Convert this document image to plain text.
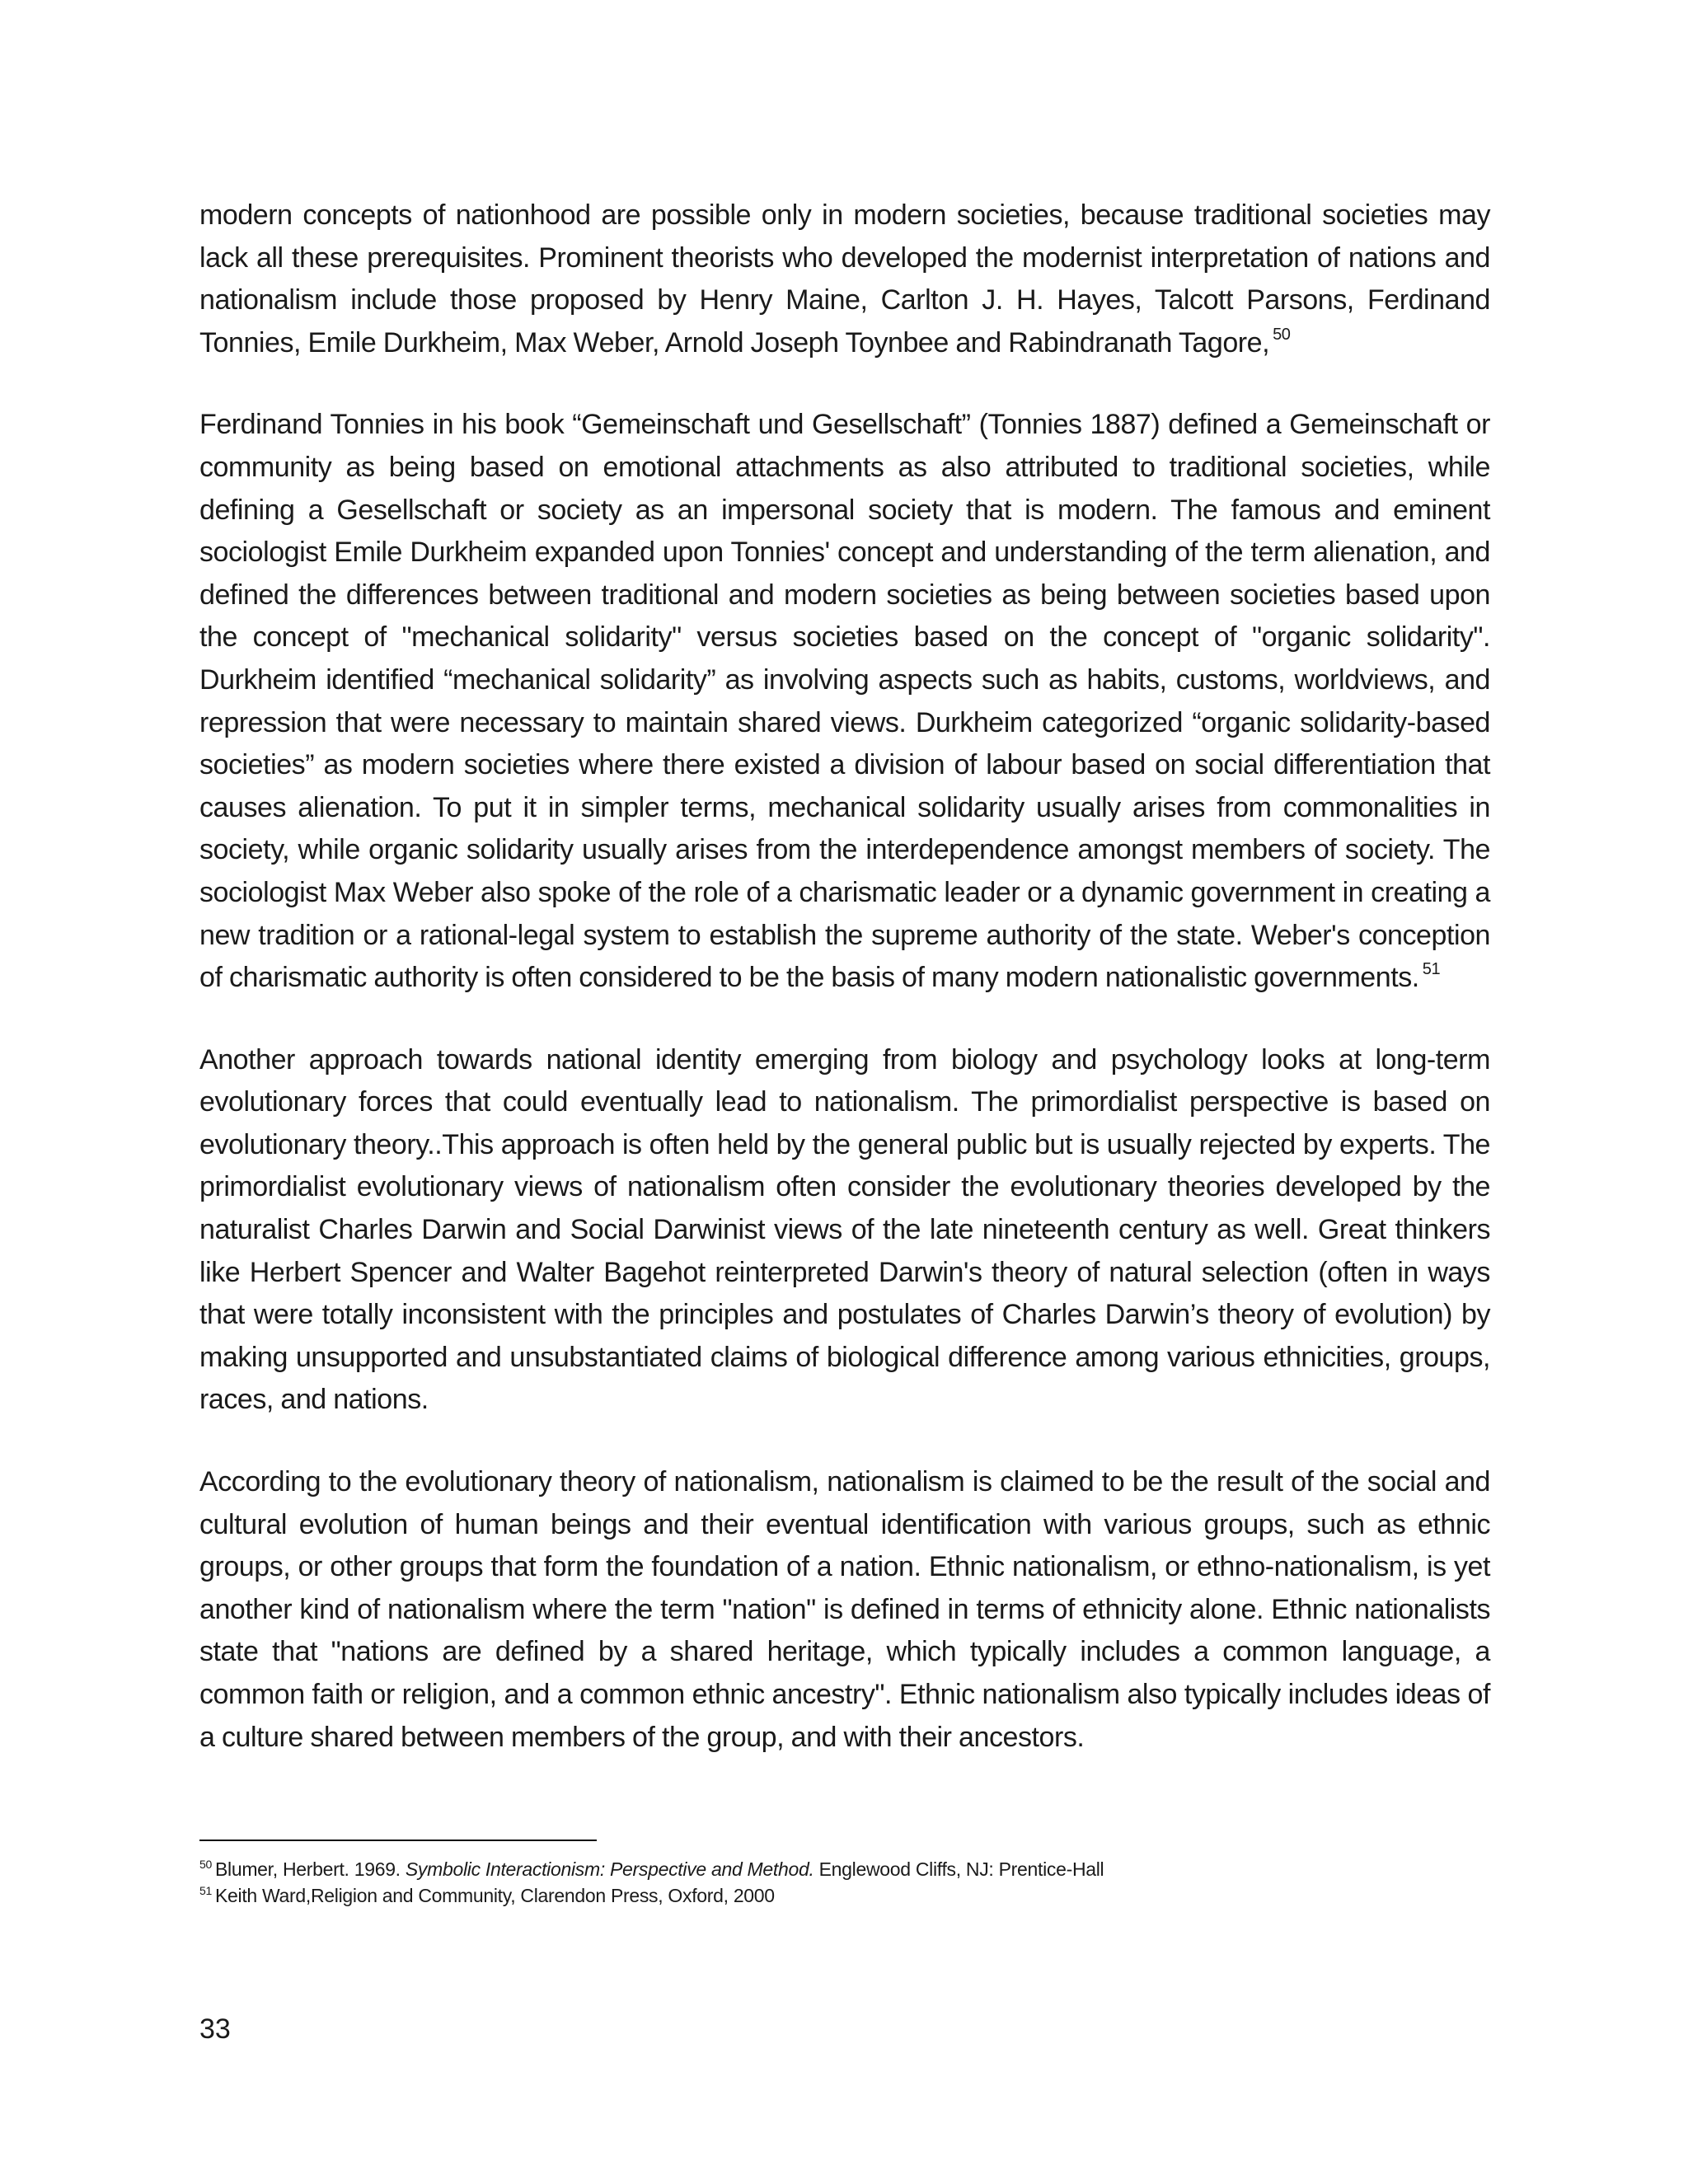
modern concepts of nationhood are possible only in modern societies, because traditional societies may lack all these prerequisites. Prominent theorists who developed the modernist interpretation of nations and nationalism include those proposed by Henry Maine, Carlton J. H. Hayes, Talcott Parsons, Ferdinand Tonnies, Emile Durkheim, Max Weber, Arnold Joseph Toynbee and Rabindranath Tagore, $^{50}$

Ferdinand Tonnies in his book “Gemeinschaft und Gesellschaft” (Tonnies 1887) defined a Gemeinschaft or community as being based on emotional attachments as also attributed to traditional societies, while defining a Gesellschaft or society as an impersonal society that is modern. The famous and eminent sociologist Emile Durkheim expanded upon Tonnies' concept and understanding of the term alienation, and defined the differences between traditional and modern societies as being between societies based upon the concept of "mechanical solidarity" versus societies based on the concept of "organic solidarity". Durkheim identified “mechanical solidarity” as involving aspects such as habits, customs, worldviews, and repression that were necessary to maintain shared views. Durkheim categorized “organic solidarity-based societies” as modern societies where there existed a division of labour based on social differentiation that causes alienation. To put it in simpler terms, mechanical solidarity usually arises from commonalities in society, while organic solidarity usually arises from the interdependence amongst members of society. The sociologist Max Weber also spoke of the role of a charismatic leader or a dynamic government in creating a new tradition or a rational-legal system to establish the supreme authority of the state. Weber's conception of charismatic authority is often considered to be the basis of many modern nationalistic governments. $^{51}$

Another approach towards national identity emerging from biology and psychology looks at long-term evolutionary forces that could eventually lead to nationalism. The primordialist perspective is based on evolutionary theory..This approach is often held by the general public but is usually rejected by experts. The primordialist evolutionary views of nationalism often consider the evolutionary theories developed by the naturalist Charles Darwin and Social Darwinist views of the late nineteenth century as well. Great thinkers like Herbert Spencer and Walter Bagehot reinterpreted Darwin's theory of natural selection (often in ways that were totally inconsistent with the principles and postulates of Charles Darwin’s theory of evolution) by making unsupported and unsubstantiated claims of biological difference among various ethnicities, groups, races, and nations.

According to the evolutionary theory of nationalism, nationalism is claimed to be the result of the social and cultural evolution of human beings and their eventual identification with various groups, such as ethnic groups, or other groups that form the foundation of a nation. Ethnic nationalism, or ethno-nationalism, is yet another kind of nationalism where the term "nation" is defined in terms of ethnicity alone. Ethnic nationalists state that "nations are defined by a shared heritage, which typically includes a common language, a common faith or religion, and a common ethnic ancestry". Ethnic nationalism also typically includes ideas of a culture shared between members of the group, and with their ancestors.

$^{50}$ Blumer, Herbert. 1969. Symbolic Interactionism: Perspective and Method. Englewood Cliffs, NJ: Prentice-Hall

$^{51}$ Keith Ward,Religion and Community, Clarendon Press, Oxford, 2000

33
